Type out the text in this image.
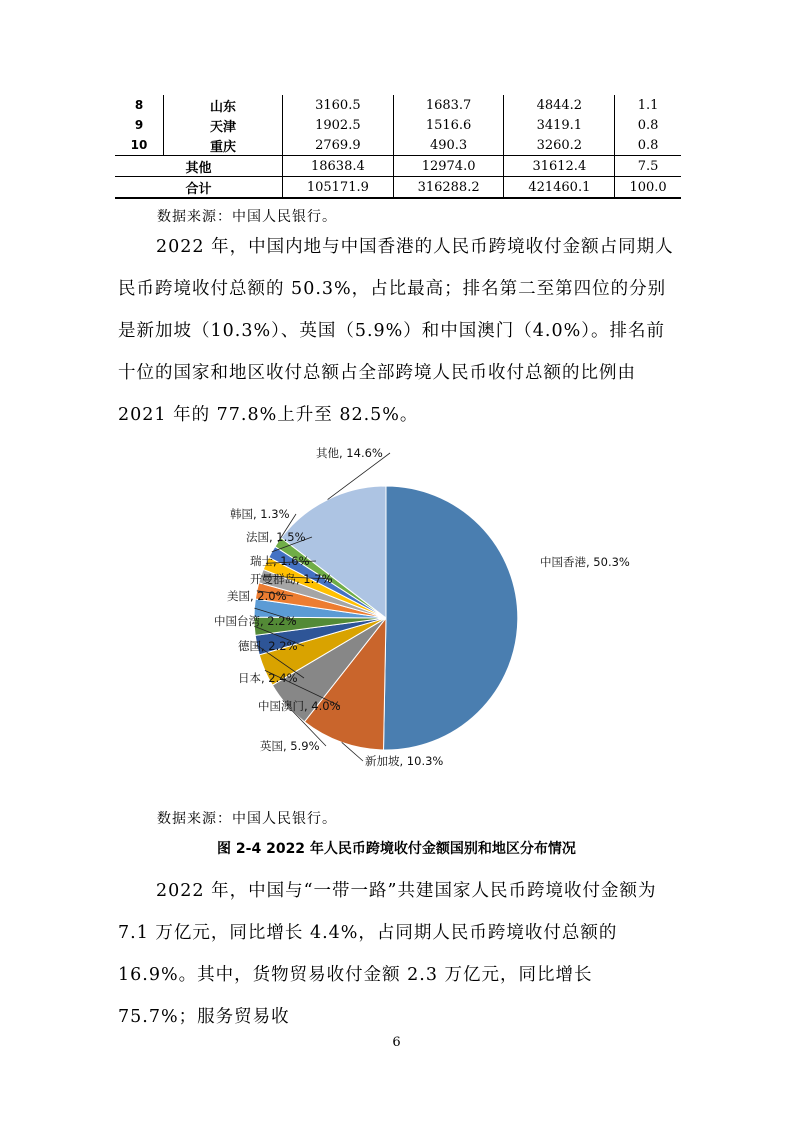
8	山东	3160.5	1683.7	4844.2	1.1
9	天津	1902.5	1516.6	3419.1	0.8
10	重庆	2769.9	490.3	3260.2	0.8
其他		18638.4	12974.0	31612.4	7.5
合计		105171.9	316288.2	421460.1	100.0
数据来源：中国人民银行。

2022 年，中国内地与中国香港的人民币跨境收付金额占同期人民币跨境收付总额的 50.3%，占比最高；排名第二至第四位的分别是新加坡（10.3%）、英国（5.9%）和中国澳门（4.0%）。排名前十位的国家和地区收付总额占全部跨境人民币收付总额的比例由 2021 年的 77.8%上升至 82.5%。

中国香港, 50.3%
新加坡, 10.3%
英国, 5.9%
中国澳门, 4.0%
日本, 2.4%
德国, 2.2%
中国台湾, 2.2%
美国, 2.0%
开曼群岛, 1.7%
瑞士, 1.6%
法国, 1.5%
韩国, 1.3%
其他, 14.6%
数据来源：中国人民银行。
图 2-4 2022 年人民币跨境收付金额国别和地区分布情况

2022 年，中国与“一带一路”共建国家人民币跨境收付金额为 7.1 万亿元，同比增长 4.4%，占同期人民币跨境收付总额的 16.9%。其中，货物贸易收付金额 2.3 万亿元，同比增长 75.7%；服务贸易收

6
